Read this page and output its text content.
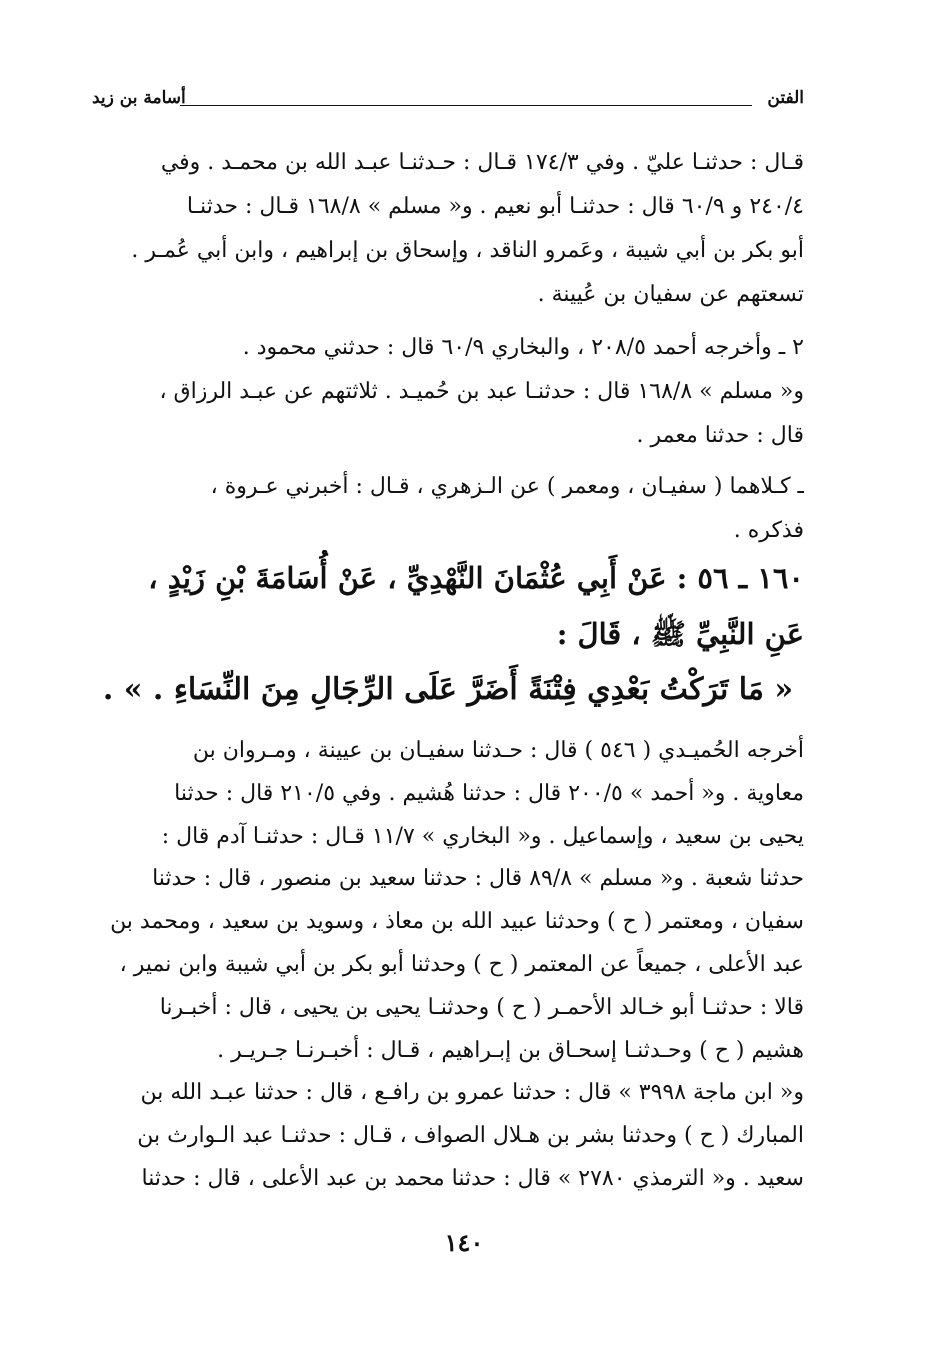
الفتن
أسامة بن زيد
قـال : حدثنـا عليّ . وفي ١٧٤/٣ قـال : حـدثنـا عبـد الله بن محمـد . وفي
٢٤٠/٤ و ٦٠/٩ قال : حدثنـا أبو نعيم . و« مسلم » ١٦٨/٨ قـال : حدثنـا
أبو بكر بن أبي شيبة ، وعَمرو الناقد ، وإسحاق بن إبراهيم ، وابن أبي عُمـر .
تسعتهم عن سفيان بن عُيينة .
٢ ـ وأخرجه أحمد ٢٠٨/٥ ، والبخاري ٦٠/٩ قال : حدثني محمود .
و« مسلم » ١٦٨/٨ قال : حدثنـا عبد بن حُميـد . ثلاثتهم عن عبـد الرزاق ،
قال : حدثنا معمر .
ـ كـلاهما ( سفيـان ، ومعمر ) عن الـزهري ، قـال : أخبرني عـروة ،
فذكره .
١٦٠ ـ ٥٦ : عَنْ أَبِي عُثْمَانَ النَّهْدِيِّ ، عَنْ أُسَامَةَ بْنِ زَيْدٍ ،
عَنِ النَّبِيِّ ﷺ ، قَالَ :
« مَا تَرَكْتُ بَعْدِي فِتْنَةً أَضَرَّ عَلَى الرِّجَالِ مِنَ النِّسَاءِ . » .
أخرجه الحُميـدي ( ٥٤٦ ) قال : حـدثنا سفيـان بن عيينة ، ومـروان بن
معاوية . و« أحمد » ٢٠٠/٥ قال : حدثنا هُشيم . وفي ٢١٠/٥ قال : حدثنا
يحيى بن سعيد ، وإسماعيل . و« البخاري » ١١/٧ قـال : حدثنـا آدم قال :
حدثنا شعبة . و« مسلم » ٨٩/٨ قال : حدثنا سعيد بن منصور ، قال : حدثنا
سفيان ، ومعتمر ( ح ) وحدثنا عبيد الله بن معاذ ، وسويد بن سعيد ، ومحمد بن
عبد الأعلى ، جميعاً عن المعتمر ( ح ) وحدثنا أبو بكر بن أبي شيبة وابن نمير ،
قالا : حدثنـا أبو خـالد الأحمـر ( ح ) وحدثنـا يحيى بن يحيى ، قال : أخبـرنا
هشيم ( ح ) وحـدثنـا إسحـاق بن إبـراهيم ، قـال : أخبـرنـا جـريـر .
و« ابن ماجة ٣٩٩٨ » قال : حدثنا عمرو بن رافـع ، قال : حدثنا عبـد الله بن
المبارك ( ح ) وحدثنا بشر بن هـلال الصواف ، قـال : حدثنـا عبد الـوارث بن
سعيد . و« الترمذي ٢٧٨٠ » قال : حدثنا محمد بن عبد الأعلى ، قال : حدثنا
١٤٠
